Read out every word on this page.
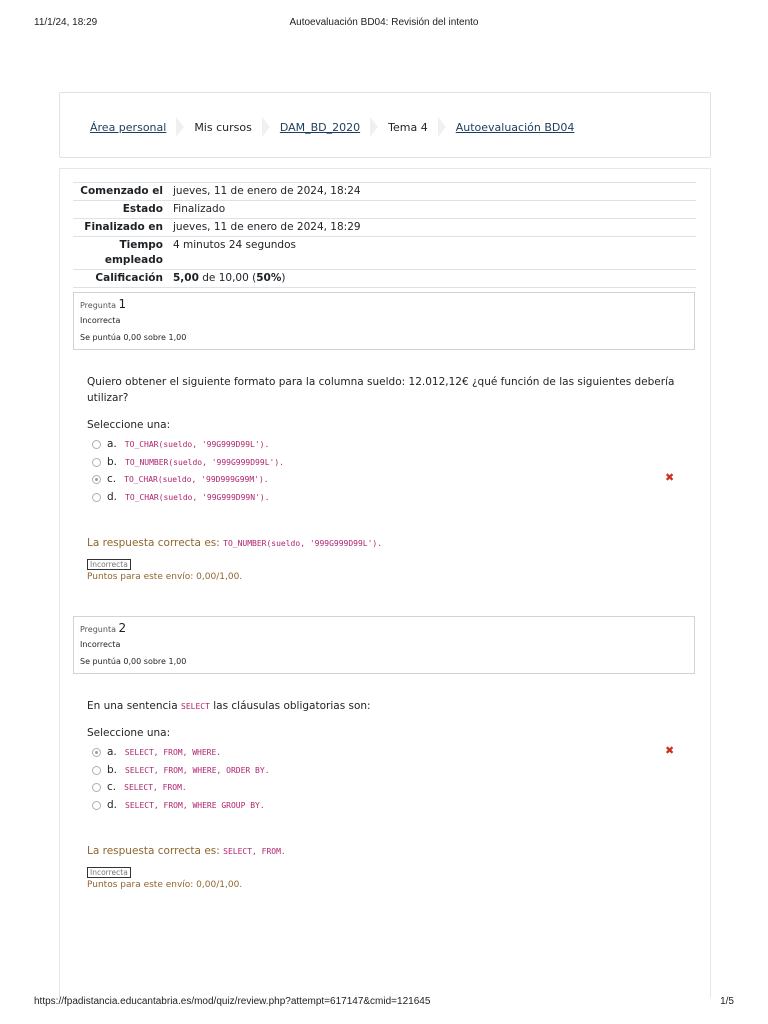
11/1/24, 18:29	Autoevaluación BD04: Revisión del intento
Área personal	Mis cursos	DAM_BD_2020	Tema 4	Autoevaluación BD04
Comenzado el	jueves, 11 de enero de 2024, 18:24
Estado	Finalizado
Finalizado en	jueves, 11 de enero de 2024, 18:29
Tiempo
empleado	4 minutos 24 segundos
Calificación	5,00 de 10,00 (50%)
Pregunta 1
Incorrecta
Se puntúa 0,00 sobre 1,00
Quiero obtener el siguiente formato para la columna sueldo: 12.012,12€ ¿qué función de las siguientes debería utilizar?
Seleccione una:
a. TO_CHAR(sueldo, '99G999D99L').
b. TO_NUMBER(sueldo, '999G999D99L').
c. TO_CHAR(sueldo, '99D999G99M').
d. TO_CHAR(sueldo, '99G999D99N').
✖
La respuesta correcta es: TO_NUMBER(sueldo, '999G999D99L').
Incorrecta
Puntos para este envío: 0,00/1,00.
Pregunta 2
Incorrecta
Se puntúa 0,00 sobre 1,00
En una sentencia SELECT las cláusulas obligatorias son:
Seleccione una:
a. SELECT, FROM, WHERE.
b. SELECT, FROM, WHERE, ORDER BY.
c. SELECT, FROM.
d. SELECT, FROM, WHERE GROUP BY.
✖
La respuesta correcta es: SELECT, FROM.
Incorrecta
Puntos para este envío: 0,00/1,00.
https://fpadistancia.educantabria.es/mod/quiz/review.php?attempt=617147&cmid=121645	1/5
